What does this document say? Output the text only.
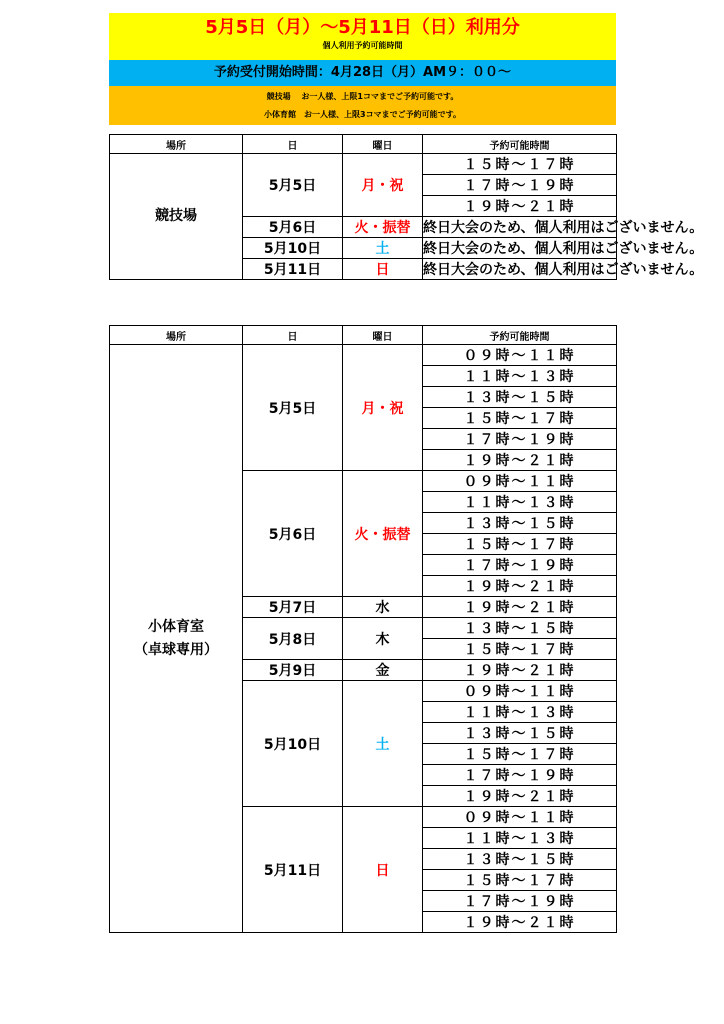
5月5日（月）～5月11日（日）利用分
個人利用予約可能時間
予約受付開始時間：4月28日（月）AM９：００～
競技場　 お一人様、上限1コマまでご予約可能です。
小体育館　お一人様、上限3コマまでご予約可能です。
場所	日	曜日	予約可能時間
競技場	5月5日	月・祝	１５時～１７時
			１７時～１９時
			１９時～２１時
	5月6日	火・振替	終日大会のため、個人利用はございません。
	5月10日	土	終日大会のため、個人利用はございません。
	5月11日	日	終日大会のため、個人利用はございません。
場所	日	曜日	予約可能時間
小体育室
（卓球専用）	5月5日	月・祝	０９時～１１時
			１１時～１３時
			１３時～１５時
			１５時～１７時
			１７時～１９時
			１９時～２１時
	5月6日	火・振替	０９時～１１時
			１１時～１３時
			１３時～１５時
			１５時～１７時
			１７時～１９時
			１９時～２１時
	5月7日	水	１９時～２１時
	5月8日	木	１３時～１５時
			１５時～１７時
	5月9日	金	１９時～２１時
	5月10日	土	０９時～１１時
			１１時～１３時
			１３時～１５時
			１５時～１７時
			１７時～１９時
			１９時～２１時
	5月11日	日	０９時～１１時
			１１時～１３時
			１３時～１５時
			１５時～１７時
			１７時～１９時
			１９時～２１時
